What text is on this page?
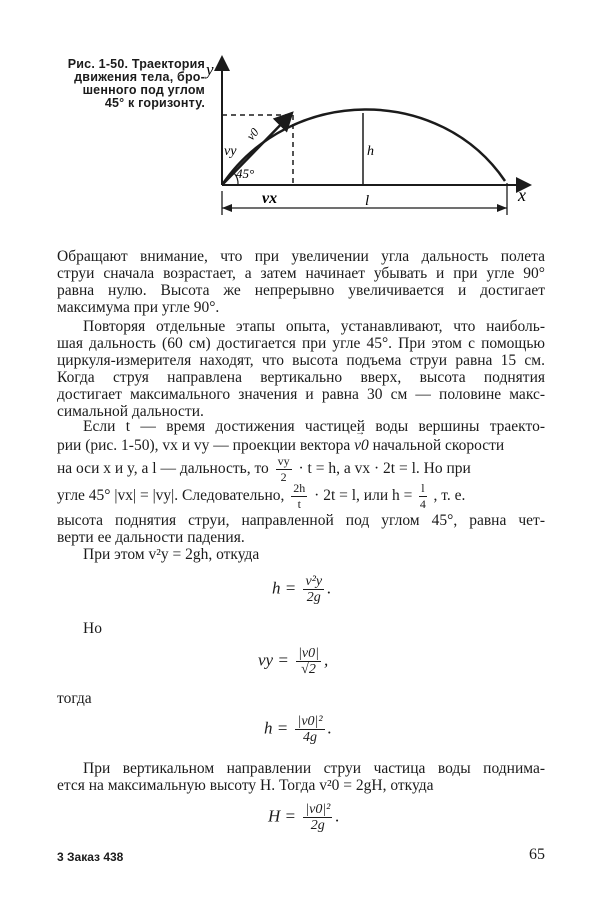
Рис. 1-50. Траектория
движения тела, бро-
шенного под углом
45° к горизонту.
y
x
vy
v0
45°
vx
h
l

Обращают внимание, что при увеличении угла дальность полета

струи сначала возрастает, а затем начинает убывать и при угле 90°

равна нулю. Высота же непрерывно увеличивается и достигает

максимума при угле 90°.

Повторяя отдельные этапы опыта, устанавливают, что наиболь-

шая дальность (60 см) достигается при угле 45°. При этом с помощью

циркуля-измерителя находят, что высота подъема струи равна 15 см.

Когда струя направлена вертикально вверх, высота поднятия

достигает максимального значения и равна 30 см — половине макс-

симальной дальности.

Если t — время достижения частицей воды вершины траекто-

рии (рис. 1-50), vx и vy — проекции вектора → v0 начальной скорости
на оси x и y, а l — дальность, то $\frac{vy}{2} \cdot t = h$, а vx · 2t = l. Но при
угле 45° |vx| = |vy|. Следовательно, $\frac{2h}{t} \cdot 2t = l$, или $h = \frac{l}{4}$ , т. е.

высота поднятия струи, направленной под углом 45°, равна чет-

верти ее дальности падения.

При этом v²y = 2gh, откуда
$h = \frac{\text{v²y}}{2g}$ .
Но
vy = $\frac{|v0|}{√2}$ ,
тогда
$h = \frac{\text{|v0|²}}{4g}$ .

При вертикальном направлении струи частица воды поднима-

ется на максимальную высоту H. Тогда v²0 = 2gH, откуда

$H = \frac{\text{|v0|²}}{2g}$ .
3 Заказ 438	65
